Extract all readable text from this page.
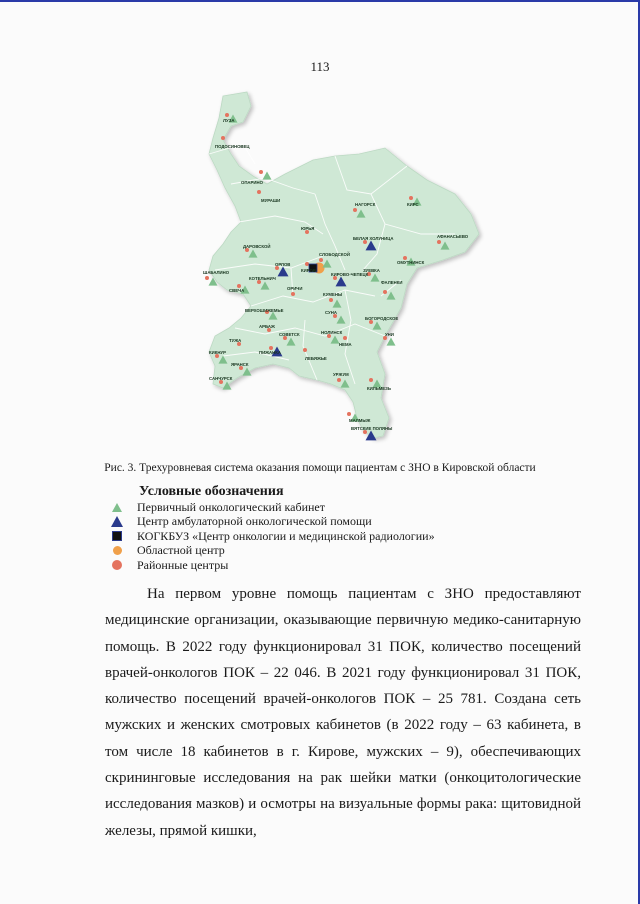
113
ЛУЗА
ПОДОСИНОВЕЦ
ОПАРИНО
МУРАШИ
НАГОРСК	КИРС
ЮРЬЯ
СЛОБОДСКОЙ
БЕЛАЯ ХОЛУНИЦА	АФАНАСЬЕВО
ДАРОВСКОЙ
ОРЛОВ	ОМУТНИНСК
ШАБАЛИНО
КОТЕЛЬНИЧ
КИРОВ
КИРОВО-ЧЕПЕЦК
ЗУЕВКА
ФАЛЕНКИ
СВЕЧА	ОРИЧИ
КУМЕНЫ
ВЕРХОШИЖЕМЬЕ	СУНА
БОГОРОДСКОЕ
АРБАЖ
СОВЕТСК	НОЛИНСК	УНИ
ТУЖА
НЕМА
КИКНУР	ПИЖАНКА
ЛЕБЯЖЬЕ
ЯРАНСК
УРЖУМ
САНЧУРСК
КИЛЬМЕЗЬ
МАЛМЫЖ
ВЯТСКИЕ ПОЛЯНЫ
Рис. 3. Трехуровневая система оказания помощи пациентам с ЗНО в Кировской области
Условные обозначения
Первичный онкологический кабинет
Центр амбулаторной онкологической помощи
КОГКБУЗ «Центр онкологии и медицинской радиологии»
Областной центр
Районные центры

На первом уровне помощь пациентам с ЗНО предоставляют медицинские организации, оказывающие первичную медико-санитарную помощь. В 2022 году функционировал 31 ПОК, количество посещений врачей-онкологов ПОК – 22 046. В 2021 году функционировал 31 ПОК, количество посещений врачей-онкологов ПОК – 25 781. Создана сеть мужских и женских смотровых кабинетов (в 2022 году – 63 кабинета, в том числе 18 кабинетов в г. Кирове, мужских – 9), обеспечивающих скрининговые исследования на рак шейки матки (онкоцитологические исследования мазков) и осмотры на визуальные формы рака: щитовидной железы, прямой кишки,
